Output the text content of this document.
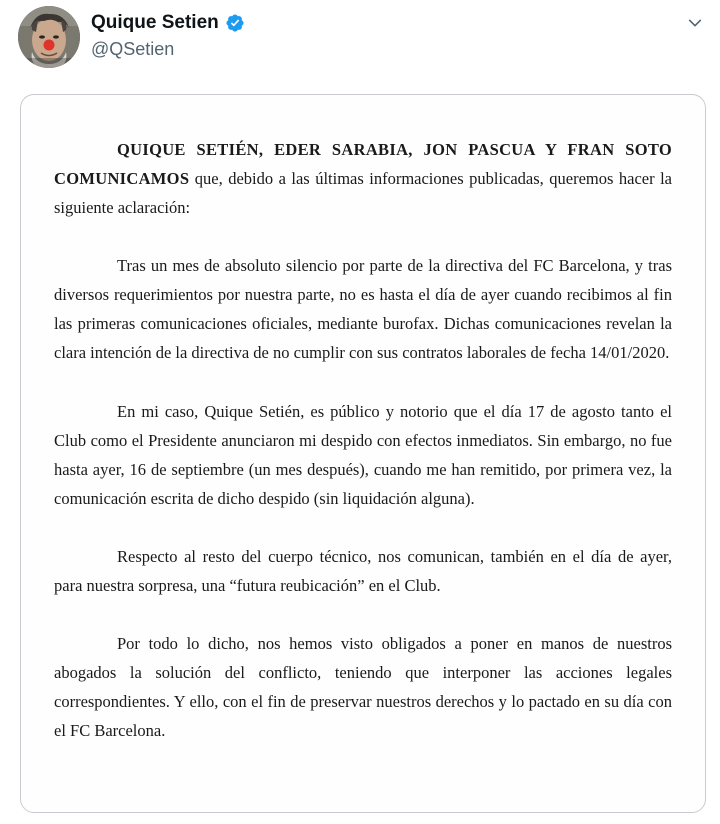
Quique Setien
@QSetien

QUIQUE SETIÉN, EDER SARABIA, JON PASCUA Y FRAN SOTO COMUNICAMOS que, debido a las últimas informaciones publicadas, queremos hacer la siguiente aclaración:

Tras un mes de absoluto silencio por parte de la directiva del FC Barcelona, y tras diversos requerimientos por nuestra parte, no es hasta el día de ayer cuando recibimos al fin las primeras comunicaciones oficiales, mediante burofax. Dichas comunicaciones revelan la clara intención de la directiva de no cumplir con sus contratos laborales de fecha 14/01/2020.

En mi caso, Quique Setién, es público y notorio que el día 17 de agosto tanto el Club como el Presidente anunciaron mi despido con efectos inmediatos. Sin embargo, no fue hasta ayer, 16 de septiembre (un mes después), cuando me han remitido, por primera vez, la comunicación escrita de dicho despido (sin liquidación alguna).

Respecto al resto del cuerpo técnico, nos comunican, también en el día de ayer, para nuestra sorpresa, una “futura reubicación” en el Club.

Por todo lo dicho, nos hemos visto obligados a poner en manos de nuestros abogados la solución del conflicto, teniendo que interponer las acciones legales correspondientes. Y ello, con el fin de preservar nuestros derechos y lo pactado en su día con el FC Barcelona.
